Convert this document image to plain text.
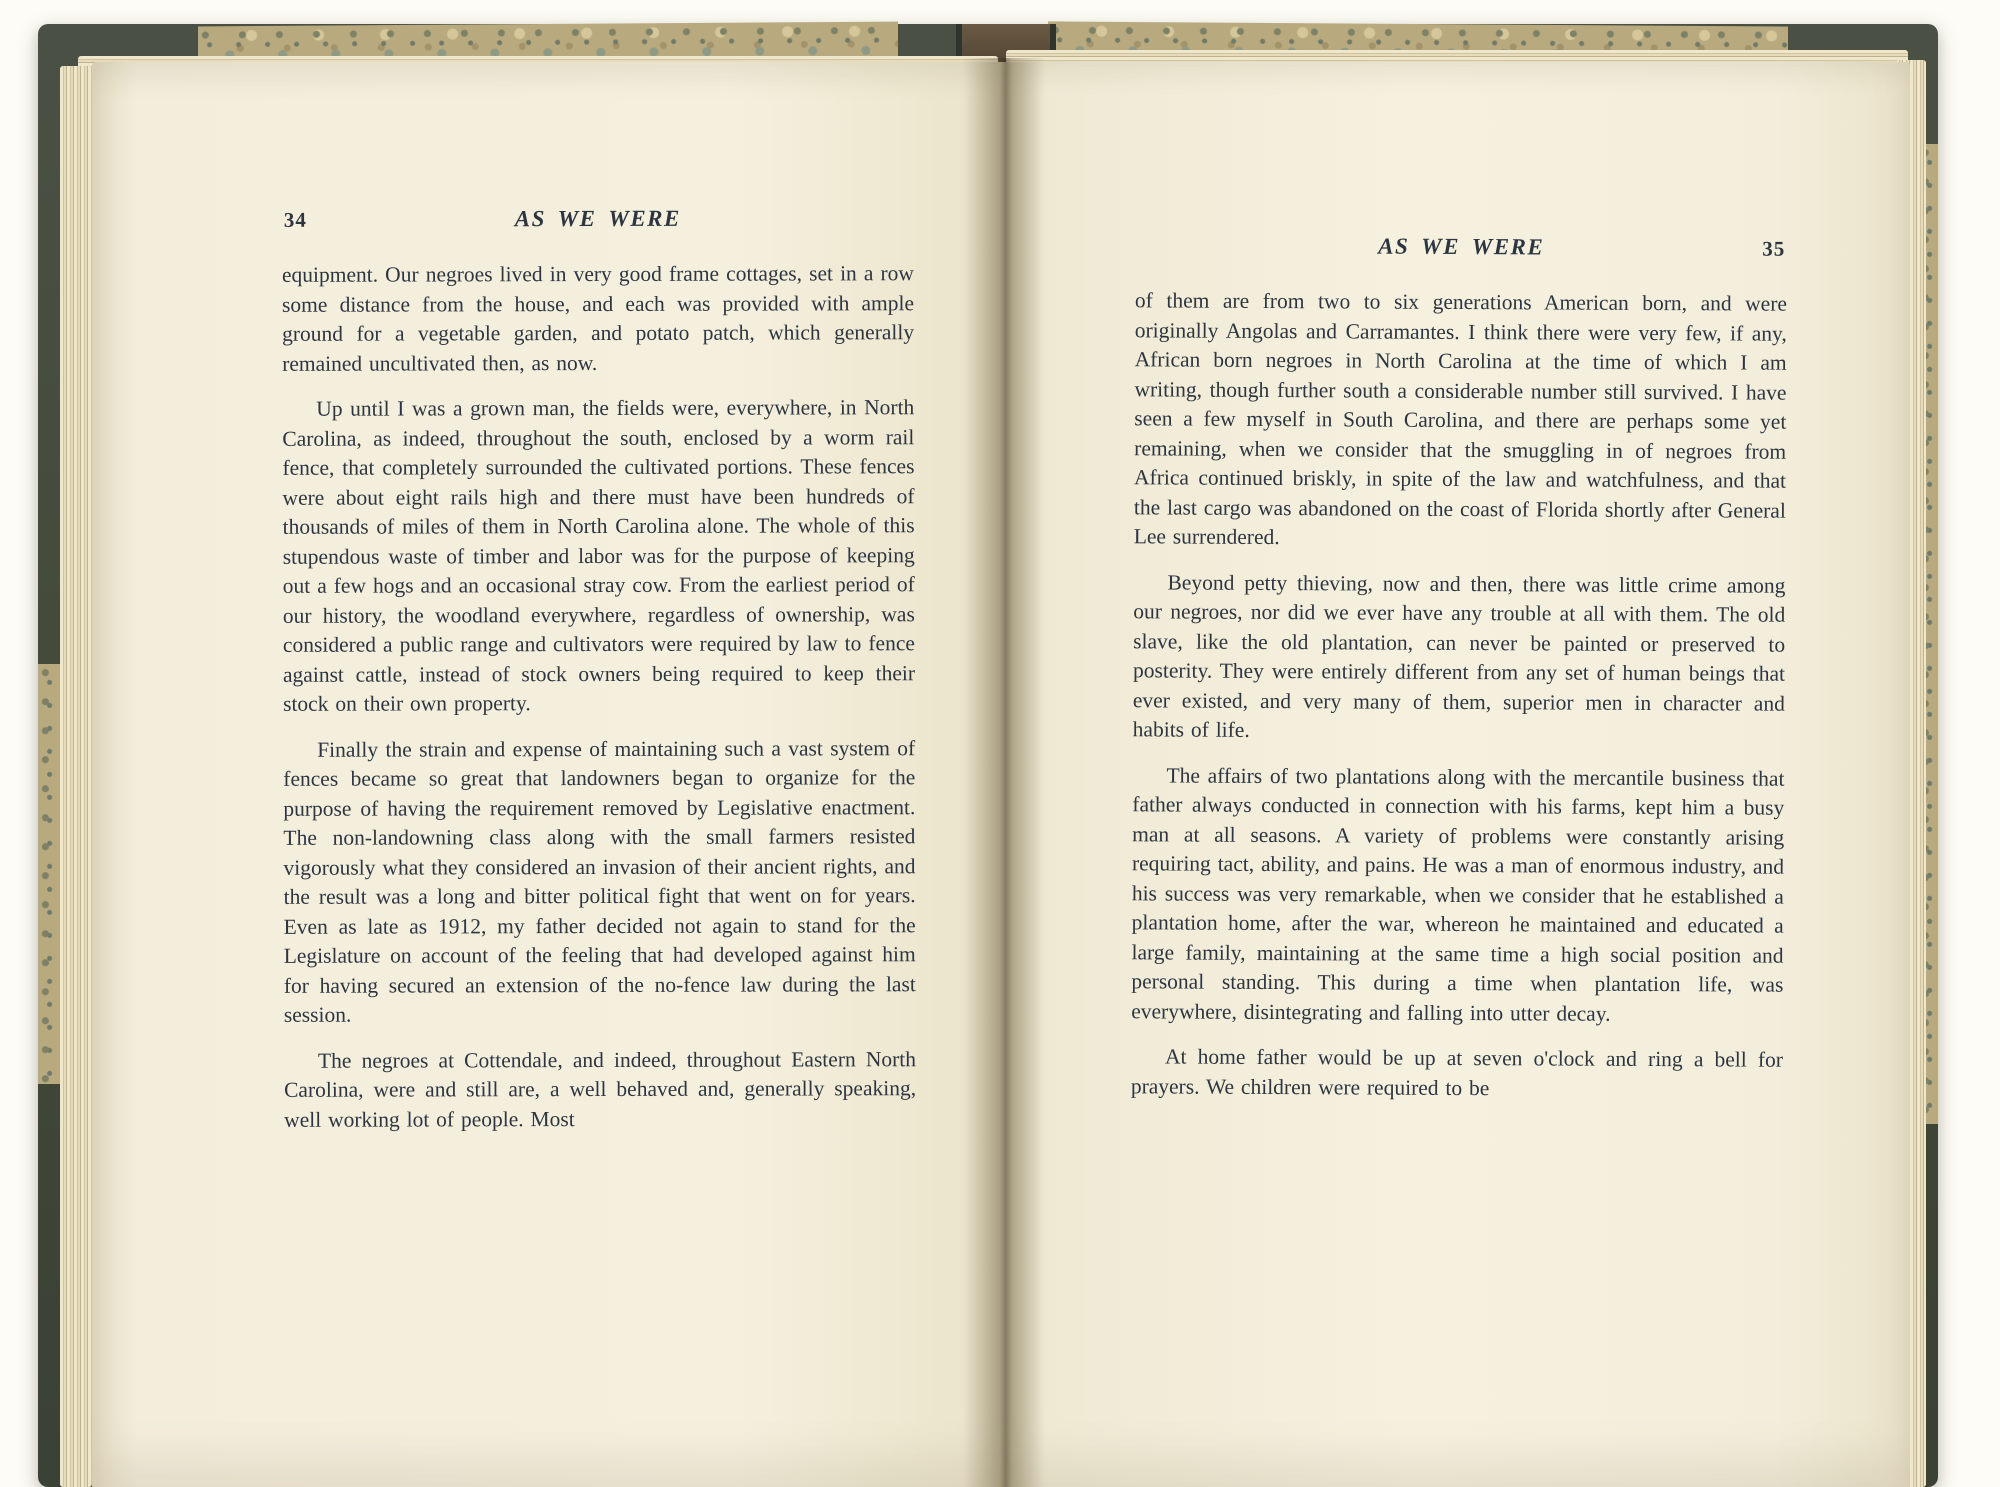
34	AS WE WERE

equipment. Our negroes lived in very good frame cottages, set in a row some distance from the house, and each was provided with ample ground for a vegetable garden, and potato patch, which generally remained uncultivated then, as now.

Up until I was a grown man, the fields were, everywhere, in North Carolina, as indeed, throughout the south, enclosed by a worm rail fence, that completely surrounded the cultivated portions. These fences were about eight rails high and there must have been hundreds of thousands of miles of them in North Carolina alone. The whole of this stupendous waste of timber and labor was for the purpose of keeping out a few hogs and an occasional stray cow. From the earliest period of our history, the woodland everywhere, regardless of ownership, was considered a public range and cultivators were required by law to fence against cattle, instead of stock owners being required to keep their stock on their own property.

Finally the strain and expense of maintaining such a vast system of fences became so great that landowners began to organize for the purpose of having the requirement removed by Legislative enactment. The non-landowning class along with the small farmers resisted vigorously what they considered an invasion of their ancient rights, and the result was a long and bitter political fight that went on for years. Even as late as 1912, my father decided not again to stand for the Legislature on account of the feeling that had developed against him for having secured an extension of the no-fence law during the last session.

The negroes at Cottendale, and indeed, throughout Eastern North Carolina, were and still are, a well behaved and, generally speaking, well working lot of people. Most

AS WE WERE	35

of them are from two to six generations American born, and were originally Angolas and Carramantes. I think there were very few, if any, African born negroes in North Carolina at the time of which I am writing, though further south a considerable number still survived. I have seen a few myself in South Carolina, and there are perhaps some yet remaining, when we consider that the smuggling in of negroes from Africa continued briskly, in spite of the law and watchfulness, and that the last cargo was abandoned on the coast of Florida shortly after General Lee surrendered.

Beyond petty thieving, now and then, there was little crime among our negroes, nor did we ever have any trouble at all with them. The old slave, like the old plantation, can never be painted or preserved to posterity. They were entirely different from any set of human beings that ever existed, and very many of them, superior men in character and habits of life.

The affairs of two plantations along with the mercantile business that father always conducted in connection with his farms, kept him a busy man at all seasons. A variety of problems were constantly arising requiring tact, ability, and pains. He was a man of enormous industry, and his success was very remarkable, when we consider that he established a plantation home, after the war, whereon he maintained and educated a large family, maintaining at the same time a high social position and personal standing. This during a time when plantation life, was everywhere, disintegrating and falling into utter decay.

At home father would be up at seven o'clock and ring a bell for prayers. We children were required to be
